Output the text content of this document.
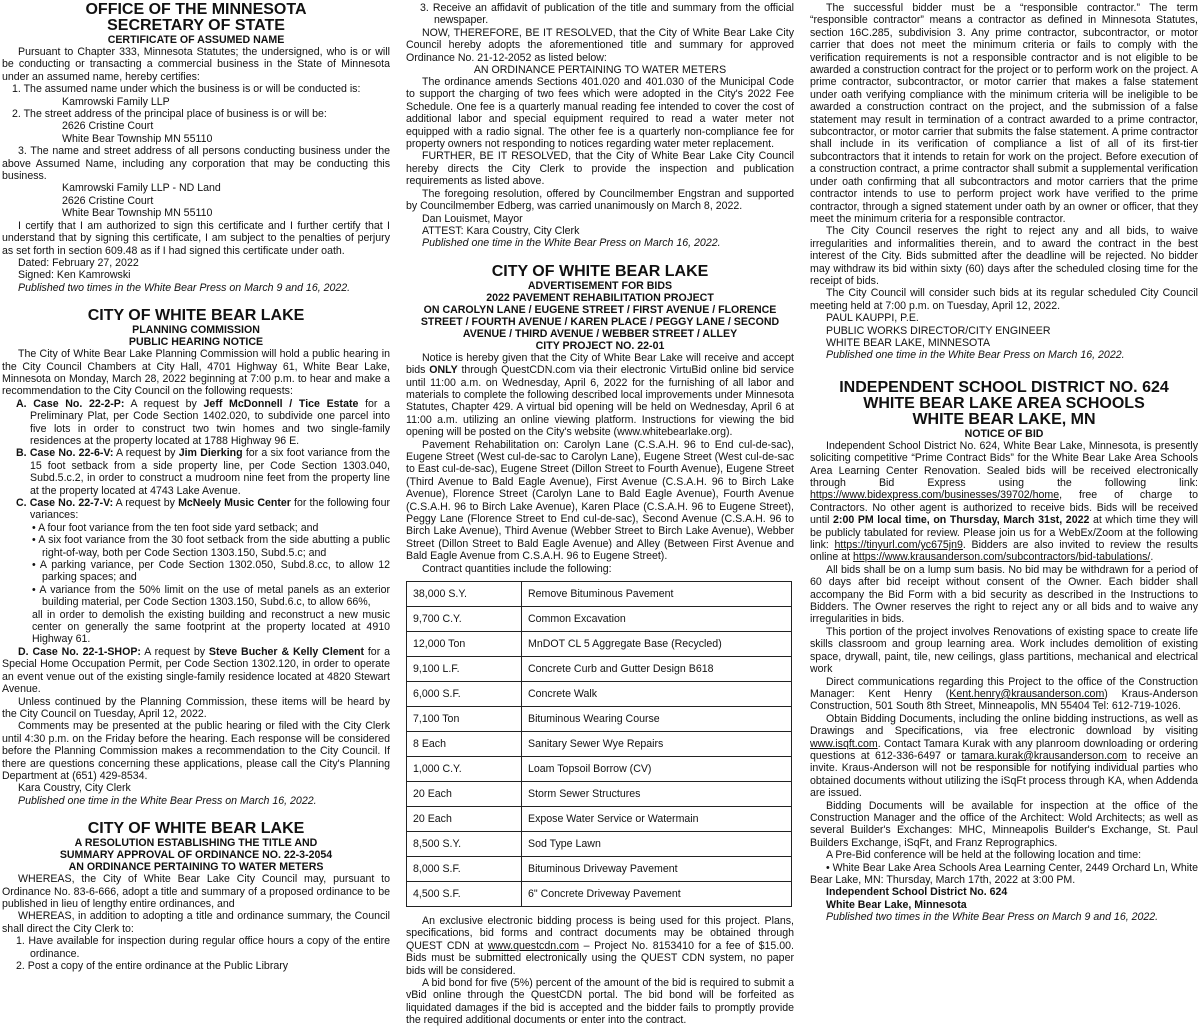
OFFICE OF THE MINNESOTA

SECRETARY OF STATE

CERTIFICATE OF ASSUMED NAME

Pursuant to Chapter 333, Minnesota Statutes; the undersigned, who is or will be conducting or transacting a commercial business in the State of Minnesota under an assumed name, hereby certifies:

1. The assumed name under which the business is or will be conducted is:

Kamrowski Family LLP

2. The street address of the principal place of business is or will be:

2626 Cristine Court

White Bear Township MN 55110

3. The name and street address of all persons conducting business under the above Assumed Name, including any corporation that may be conducting this business.

Kamrowski Family LLP - ND Land

2626 Cristine Court

White Bear Township MN 55110

I certify that I am authorized to sign this certificate and I further certify that I understand that by signing this certificate, I am subject to the penalties of perjury as set forth in section 609.48 as if I had signed this certificate under oath.

Dated: February 27, 2022

Signed: Ken Kamrowski

Published two times in the White Bear Press on March 9 and 16, 2022.

CITY OF WHITE BEAR LAKE

PLANNING COMMISSION

PUBLIC HEARING NOTICE

The City of White Bear Lake Planning Commission will hold a public hearing in the City Council Chambers at City Hall, 4701 Highway 61, White Bear Lake, Minnesota on Monday, March 28, 2022 beginning at 7:00 p.m. to hear and make a recommendation to the City Council on the following requests:

A. Case No. 22-2-P: A request by Jeff McDonnell / Tice Estate for a Preliminary Plat, per Code Section 1402.020, to subdivide one parcel into five lots in order to construct two twin homes and two single-family residences at the property located at 1788 Highway 96 E.

B. Case No. 22-6-V: A request by Jim Dierking for a six foot variance from the 15 foot setback from a side property line, per Code Section 1303.040, Subd.5.c.2, in order to construct a mudroom nine feet from the property line at the property located at 4743 Lake Avenue.

C. Case No. 22-7-V: A request by McNeely Music Center for the following four variances:

• A four foot variance from the ten foot side yard setback; and

• A six foot variance from the 30 foot setback from the side abutting a public right-of-way, both per Code Section 1303.150, Subd.5.c; and

• A parking variance, per Code Section 1302.050, Subd.8.cc, to allow 12 parking spaces; and

• A variance from the 50% limit on the use of metal panels as an exterior building material, per Code Section 1303.150, Subd.6.c, to allow 66%,

all in order to demolish the existing building and reconstruct a new music center on generally the same footprint at the property located at 4910 Highway 61.

D. Case No. 22-1-SHOP: A request by Steve Bucher & Kelly Clement for a Special Home Occupation Permit, per Code Section 1302.120, in order to operate an event venue out of the existing single-family residence located at 4820 Stewart Avenue.

Unless continued by the Planning Commission, these items will be heard by the City Council on Tuesday, April 12, 2022.

Comments may be presented at the public hearing or filed with the City Clerk until 4:30 p.m. on the Friday before the hearing. Each response will be considered before the Planning Commission makes a recommendation to the City Council. If there are questions concerning these applications, please call the City's Planning Department at (651) 429-8534.

Kara Coustry, City Clerk

Published one time in the White Bear Press on March 16, 2022.

CITY OF WHITE BEAR LAKE

A RESOLUTION ESTABLISHING THE TITLE AND

SUMMARY APPROVAL OF ORDINANCE NO. 22-3-2054

AN ORDINANCE PERTAINING TO WATER METERS

WHEREAS, the City of White Bear Lake City Council may, pursuant to Ordinance No. 83-6-666, adopt a title and summary of a proposed ordinance to be published in lieu of lengthy entire ordinances, and

WHEREAS, in addition to adopting a title and ordinance summary, the Council shall direct the City Clerk to:

1. Have available for inspection during regular office hours a copy of the entire ordinance.

2. Post a copy of the entire ordinance at the Public Library

3. Receive an affidavit of publication of the title and summary from the official newspaper.

NOW, THEREFORE, BE IT RESOLVED, that the City of White Bear Lake City Council hereby adopts the aforementioned title and summary for approved Ordinance No. 21-12-2052 as listed below:

AN ORDINANCE PERTAINING TO WATER METERS

The ordinance amends Sections 401.020 and 401.030 of the Municipal Code to support the charging of two fees which were adopted in the City's 2022 Fee Schedule. One fee is a quarterly manual reading fee intended to cover the cost of additional labor and special equipment required to read a water meter not equipped with a radio signal. The other fee is a quarterly non-compliance fee for property owners not responding to notices regarding water meter replacement.

FURTHER, BE IT RESOLVED, that the City of White Bear Lake City Council hereby directs the City Clerk to provide the inspection and publication requirements as listed above.

The foregoing resolution, offered by Councilmember Engstran and supported by Councilmember Edberg, was carried unanimously on March 8, 2022.

Dan Louismet, Mayor

ATTEST: Kara Coustry, City Clerk

Published one time in the White Bear Press on March 16, 2022.

CITY OF WHITE BEAR LAKE

ADVERTISEMENT FOR BIDS

2022 PAVEMENT REHABILITATION PROJECT

ON CAROLYN LANE / EUGENE STREET / FIRST AVENUE / FLORENCE

STREET / FOURTH AVENUE / KAREN PLACE / PEGGY LANE / SECOND

AVENUE / THIRD AVENUE / WEBBER STREET / ALLEY

CITY PROJECT NO. 22-01

Notice is hereby given that the City of White Bear Lake will receive and accept bids ONLY through QuestCDN.com via their electronic VirtuBid online bid service until 11:00 a.m. on Wednesday, April 6, 2022 for the furnishing of all labor and materials to complete the following described local improvements under Minnesota Statutes, Chapter 429. A virtual bid opening will be held on Wednesday, April 6 at 11:00 a.m. utilizing an online viewing platform. Instructions for viewing the bid opening will be posted on the City's website (www.whitebearlake.org).

Pavement Rehabilitation on: Carolyn Lane (C.S.A.H. 96 to End cul-de-sac), Eugene Street (West cul-de-sac to Carolyn Lane), Eugene Street (West cul-de-sac to East cul-de-sac), Eugene Street (Dillon Street to Fourth Avenue), Eugene Street (Third Avenue to Bald Eagle Avenue), First Avenue (C.S.A.H. 96 to Birch Lake Avenue), Florence Street (Carolyn Lane to Bald Eagle Avenue), Fourth Avenue (C.S.A.H. 96 to Birch Lake Avenue), Karen Place (C.S.A.H. 96 to Eugene Street), Peggy Lane (Florence Street to End cul-de-sac), Second Avenue (C.S.A.H. 96 to Birch Lake Avenue), Third Avenue (Webber Street to Birch Lake Avenue), Webber Street (Dillon Street to Bald Eagle Avenue) and Alley (Between First Avenue and Bald Eagle Avenue from C.S.A.H. 96 to Eugene Street).

Contract quantities include the following:

38,000 S.Y.	Remove Bituminous Pavement
9,700 C.Y.	Common Excavation
12,000 Ton	MnDOT CL 5 Aggregate Base (Recycled)
9,100 L.F.	Concrete Curb and Gutter Design B618
6,000 S.F.	Concrete Walk
7,100 Ton	Bituminous Wearing Course
8 Each	Sanitary Sewer Wye Repairs
1,000 C.Y.	Loam Topsoil Borrow (CV)
20 Each	Storm Sewer Structures
20 Each	Expose Water Service or Watermain
8,500 S.Y.	Sod Type Lawn
8,000 S.F.	Bituminous Driveway Pavement
4,500 S.F.	6" Concrete Driveway Pavement

An exclusive electronic bidding process is being used for this project. Plans, specifications, bid forms and contract documents may be obtained through QUEST CDN at www.questcdn.com – Project No. 8153410 for a fee of $15.00. Bids must be submitted electronically using the QUEST CDN system, no paper bids will be considered.

A bid bond for five (5%) percent of the amount of the bid is required to submit a vBid online through the QuestCDN portal. The bid bond will be forfeited as liquidated damages if the bid is accepted and the bidder fails to promptly provide the required additional documents or enter into the contract.

The successful bidder must be a “responsible contractor.” The term “responsible contractor” means a contractor as defined in Minnesota Statutes, section 16C.285, subdivision 3. Any prime contractor, subcontractor, or motor carrier that does not meet the minimum criteria or fails to comply with the verification requirements is not a responsible contractor and is not eligible to be awarded a construction contract for the project or to perform work on the project. A prime contractor, subcontractor, or motor carrier that makes a false statement under oath verifying compliance with the minimum criteria will be ineligible to be awarded a construction contract on the project, and the submission of a false statement may result in termination of a contract awarded to a prime contractor, subcontractor, or motor carrier that submits the false statement. A prime contractor shall include in its verification of compliance a list of all of its first-tier subcontractors that it intends to retain for work on the project. Before execution of a construction contract, a prime contractor shall submit a supplemental verification under oath confirming that all subcontractors and motor carriers that the prime contractor intends to use to perform project work have verified to the prime contractor, through a signed statement under oath by an owner or officer, that they meet the minimum criteria for a responsible contractor.

The City Council reserves the right to reject any and all bids, to waive irregularities and informalities therein, and to award the contract in the best interest of the City. Bids submitted after the deadline will be rejected. No bidder may withdraw its bid within sixty (60) days after the scheduled closing time for the receipt of bids.

The City Council will consider such bids at its regular scheduled City Council meeting held at 7:00 p.m. on Tuesday, April 12, 2022.

PAUL KAUPPI, P.E.

PUBLIC WORKS DIRECTOR/CITY ENGINEER

WHITE BEAR LAKE, MINNESOTA

Published one time in the White Bear Press on March 16, 2022.

INDEPENDENT SCHOOL DISTRICT NO. 624

WHITE BEAR LAKE AREA SCHOOLS

WHITE BEAR LAKE, MN

NOTICE OF BID

Independent School District No. 624, White Bear Lake, Minnesota, is presently soliciting competitive “Prime Contract Bids” for the White Bear Lake Area Schools Area Learning Center Renovation. Sealed bids will be received electronically through Bid Express using the following link: https://www.bidexpress.com/businesses/39702/home, free of charge to Contractors. No other agent is authorized to receive bids. Bids will be received until 2:00 PM local time, on Thursday, March 31st, 2022 at which time they will be publicly tabulated for review. Please join us for a WebEx/Zoom at the following link: https://tinyurl.com/yc675jn9. Bidders are also invited to review the results online at https://www.krausanderson.com/subcontractors/bid-tabulations/.

All bids shall be on a lump sum basis. No bid may be withdrawn for a period of 60 days after bid receipt without consent of the Owner. Each bidder shall accompany the Bid Form with a bid security as described in the Instructions to Bidders. The Owner reserves the right to reject any or all bids and to waive any irregularities in bids.

This portion of the project involves Renovations of existing space to create life skills classroom and group learning area. Work includes demolition of existing space, drywall, paint, tile, new ceilings, glass partitions, mechanical and electrical work

Direct communications regarding this Project to the office of the Construction Manager: Kent Henry (Kent.henry@krausanderson.com) Kraus-Anderson Construction, 501 South 8th Street, Minneapolis, MN 55404 Tel: 612-719-1026.

Obtain Bidding Documents, including the online bidding instructions, as well as Drawings and Specifications, via free electronic download by visiting www.isqft.com. Contact Tamara Kurak with any planroom downloading or ordering questions at 612-336-6497 or tamara.kurak@krausanderson.com to receive an invite. Kraus-Anderson will not be responsible for notifying individual parties who obtained documents without utilizing the iSqFt process through KA, when Addenda are issued.

Bidding Documents will be available for inspection at the office of the Construction Manager and the office of the Architect: Wold Architects; as well as several Builder's Exchanges: MHC, Minneapolis Builder's Exchange, St. Paul Builders Exchange, iSqFt, and Franz Reprographics.

A Pre-Bid conference will be held at the following location and time:

• White Bear Lake Area Schools Area Learning Center, 2449 Orchard Ln, White Bear Lake, MN: Thursday, March 17th, 2022 at 3:00 PM.

Independent School District No. 624

White Bear Lake, Minnesota

Published two times in the White Bear Press on March 9 and 16, 2022.
